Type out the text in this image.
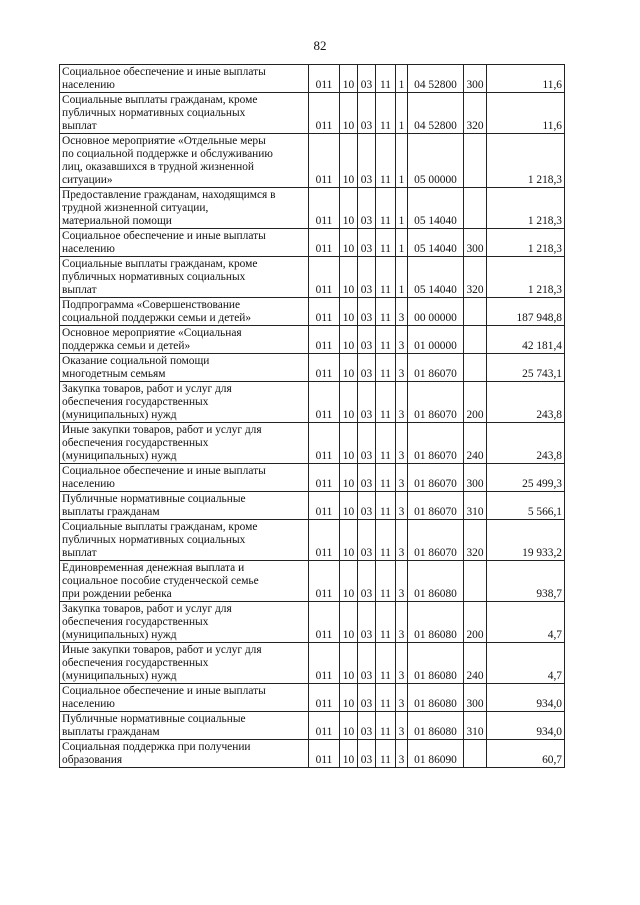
82
Социальное обеспечение и иные выплаты
населению	011	10	03	11	1	04 52800	300	11,6
Социальные выплаты гражданам, кроме
публичных нормативных социальных
выплат	011	10	03	11	1	04 52800	320	11,6
Основное мероприятие «Отдельные меры
по социальной поддержке и обслуживанию
лиц, оказавшихся в трудной жизненной
ситуации»	011	10	03	11	1	05 00000		1 218,3
Предоставление гражданам, находящимся в
трудной жизненной ситуации,
материальной помощи	011	10	03	11	1	05 14040		1 218,3
Социальное обеспечение и иные выплаты
населению	011	10	03	11	1	05 14040	300	1 218,3
Социальные выплаты гражданам, кроме
публичных нормативных социальных
выплат	011	10	03	11	1	05 14040	320	1 218,3
Подпрограмма «Совершенствование
социальной поддержки семьи и детей»	011	10	03	11	3	00 00000		187 948,8
Основное мероприятие «Социальная
поддержка семьи и детей»	011	10	03	11	3	01 00000		42 181,4
Оказание социальной помощи
многодетным семьям	011	10	03	11	3	01 86070		25 743,1
Закупка товаров, работ и услуг для
обеспечения государственных
(муниципальных) нужд	011	10	03	11	3	01 86070	200	243,8
Иные закупки товаров, работ и услуг для
обеспечения государственных
(муниципальных) нужд	011	10	03	11	3	01 86070	240	243,8
Социальное обеспечение и иные выплаты
населению	011	10	03	11	3	01 86070	300	25 499,3
Публичные нормативные социальные
выплаты гражданам	011	10	03	11	3	01 86070	310	5 566,1
Социальные выплаты гражданам, кроме
публичных нормативных социальных
выплат	011	10	03	11	3	01 86070	320	19 933,2
Единовременная денежная выплата и
социальное пособие студенческой семье
при рождении ребенка	011	10	03	11	3	01 86080		938,7
Закупка товаров, работ и услуг для
обеспечения государственных
(муниципальных) нужд	011	10	03	11	3	01 86080	200	4,7
Иные закупки товаров, работ и услуг для
обеспечения государственных
(муниципальных) нужд	011	10	03	11	3	01 86080	240	4,7
Социальное обеспечение и иные выплаты
населению	011	10	03	11	3	01 86080	300	934,0
Публичные нормативные социальные
выплаты гражданам	011	10	03	11	3	01 86080	310	934,0
Социальная поддержка при получении
образования	011	10	03	11	3	01 86090		60,7
